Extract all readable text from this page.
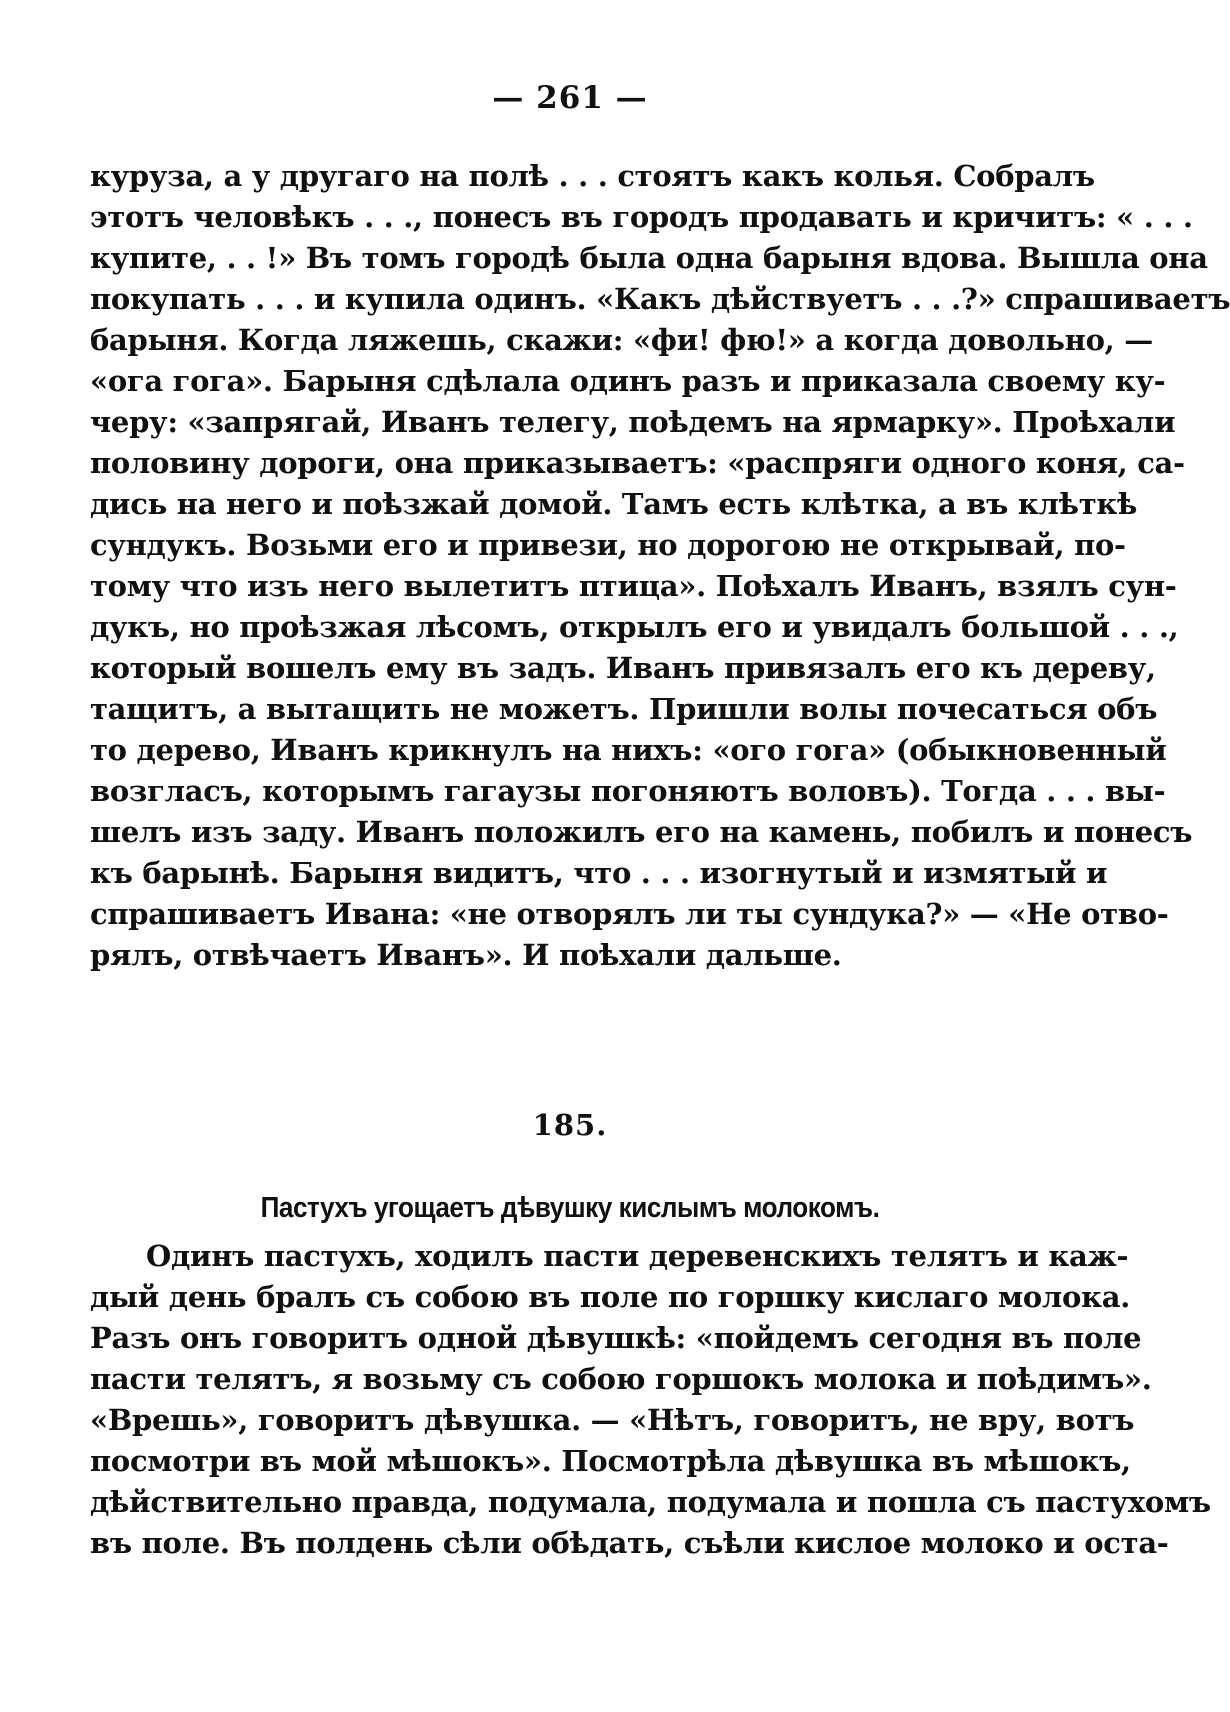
— 261 —
куруза, а у другаго на полѣ . . . стоятъ какъ колья. Собралъ
этотъ человѣкъ . . ., понесъ въ городъ продавать и кричитъ: « . . .
купите, . . !» Въ томъ городѣ была одна барыня вдова. Вышла она
покупать . . . и купила одинъ. «Какъ дѣйствуетъ . . .?» спрашиваетъ
барыня. Когда ляжешь, скажи: «фи! фю!» а когда довольно, —
«ога гога». Барыня сдѣлала одинъ разъ и приказала своему ку-
черу: «запрягай, Иванъ телегу, поѣдемъ на ярмарку». Проѣхали
половину дороги, она приказываетъ: «распряги одного коня, са-
дись на него и поѣзжай домой. Тамъ есть клѣтка, а въ клѣткѣ
сундукъ. Возьми его и привези, но дорогою не открывай, по-
тому что изъ него вылетитъ птица». Поѣхалъ Иванъ, взялъ сун-
дукъ, но проѣзжая лѣсомъ, открылъ его и увидалъ большой . . .,
который вошелъ ему въ задъ. Иванъ привязалъ его къ дереву,
тащитъ, а вытащить не можетъ. Пришли волы почесаться объ
то дерево, Иванъ крикнулъ на нихъ: «ого гога» (обыкновенный
возгласъ, которымъ гагаузы погоняютъ воловъ). Тогда . . . вы-
шелъ изъ заду. Иванъ положилъ его на камень, побилъ и понесъ
къ барынѣ. Барыня видитъ, что . . . изогнутый и измятый и
спрашиваетъ Ивана: «не отворялъ ли ты сундука?» — «Не отво-
рялъ, отвѣчаетъ Иванъ». И поѣхали дальше.
185.
Пастухъ угощаетъ дѣвушку кислымъ молокомъ.
Одинъ пастухъ, ходилъ пасти деревенскихъ телятъ и каж-
дый день бралъ съ собою въ поле по горшку кислаго молока.
Разъ онъ говоритъ одной дѣвушкѣ: «пойдемъ сегодня въ поле
пасти телятъ, я возьму съ собою горшокъ молока и поѣдимъ».
«Врешь», говоритъ дѣвушка. — «Нѣтъ, говоритъ, не вру, вотъ
посмотри въ мой мѣшокъ». Посмотрѣла дѣвушка въ мѣшокъ,
дѣйствительно правда, подумала, подумала и пошла съ пастухомъ
въ поле. Въ полдень сѣли обѣдать, съѣли кислое молоко и оста-
